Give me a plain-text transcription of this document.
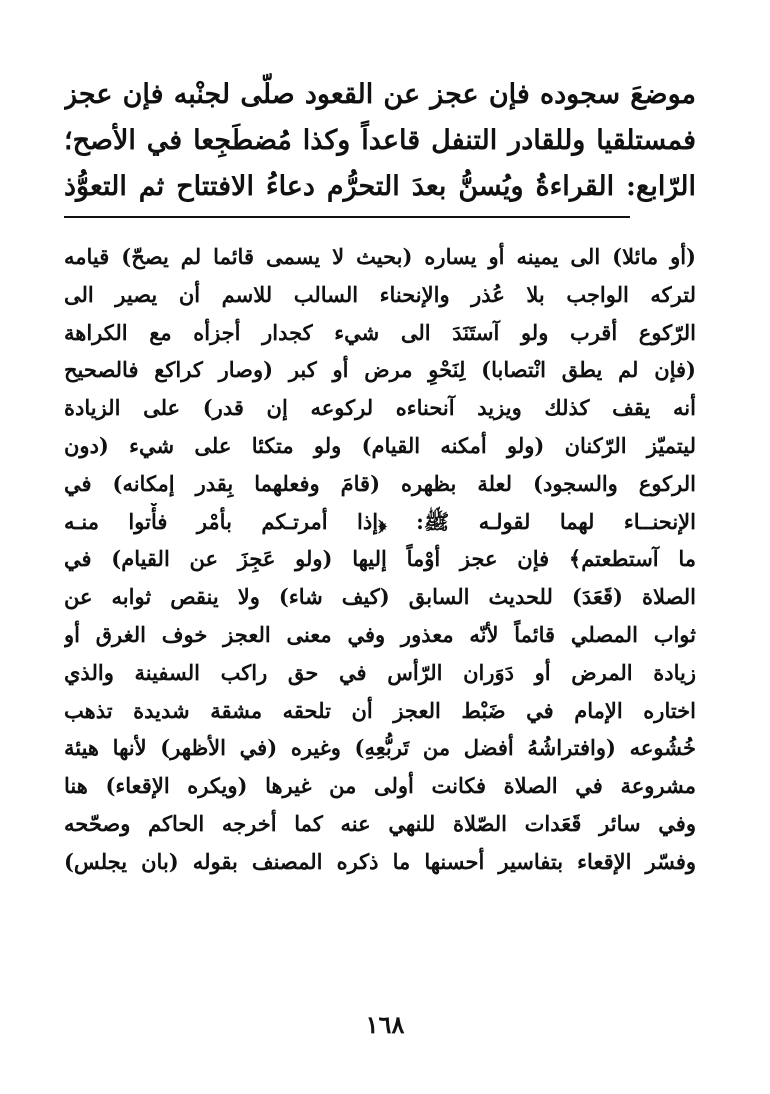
موضعَ سجوده فإن عجز عن القعود صلّى لجنْبه فإن عجز
فمستلقيا وللقادر التنفل قاعداً وكذا مُضطَجِعا في الأصح؛
الرّابع: القراءةُ ويُسنُّ بعدَ التحرُّم دعاءُ الافتتاح ثم التعوُّذ
(أو مائلا) الى يمينه أو يساره (بحيث لا يسمى قائما لم يصحّ) قيامه
لتركه الواجب بلا عُذر والإنحناء السالب للاسم أن يصير الى
الرّكوع أقرب ولو آستَنَدَ الى شيء كجدار أجزأه مع الكراهة
(فإن لم يطق انْتصابا) لِنَحْوِ مرض أو كبر (وصار كراكع فالصحيح
أنه يقف كذلك ويزيد آنحناءه لركوعه إن قدر) على الزيادة
ليتميّز الرّكنان (ولو أمكنه القيام) ولو متكئا على شيء (دون
الركوع والسجود) لعلة بظهره (قامَ وفعلهما بِقدر إمكانه) في
الإنحنــاء لهما لقولـه ﷺ: ﴿إذا أمرتـكم بأمْر فأْتوا منـه
ما آستطعتم﴾ فإن عجز أوْماً إليها (ولو عَجِزَ عن القيام) في
الصلاة (قَعَدَ) للحديث السابق (كيف شاء) ولا ينقص ثوابه عن
ثواب المصلي قائماً لأنّه معذور وفي معنى العجز خوف الغرق أو
زيادة المرض أو دَوَران الرّأس في حق راكب السفينة والذي
اختاره الإمام في ضَبْط العجز أن تلحقه مشقة شديدة تذهب
خُشُوعه (وافتراشُهُ أفضل من تَربُّعِهِ) وغيره (في الأظهر) لأنها هيئة
مشروعة في الصلاة فكانت أولى من غيرها (ويكره الإقعاء) هنا
وفي سائر قَعَدات الصّلاة للنهي عنه كما أخرجه الحاكم وصحّحه
وفسّر الإقعاء بتفاسير أحسنها ما ذكره المصنف بقوله (بان يجلس)
١٦٨
